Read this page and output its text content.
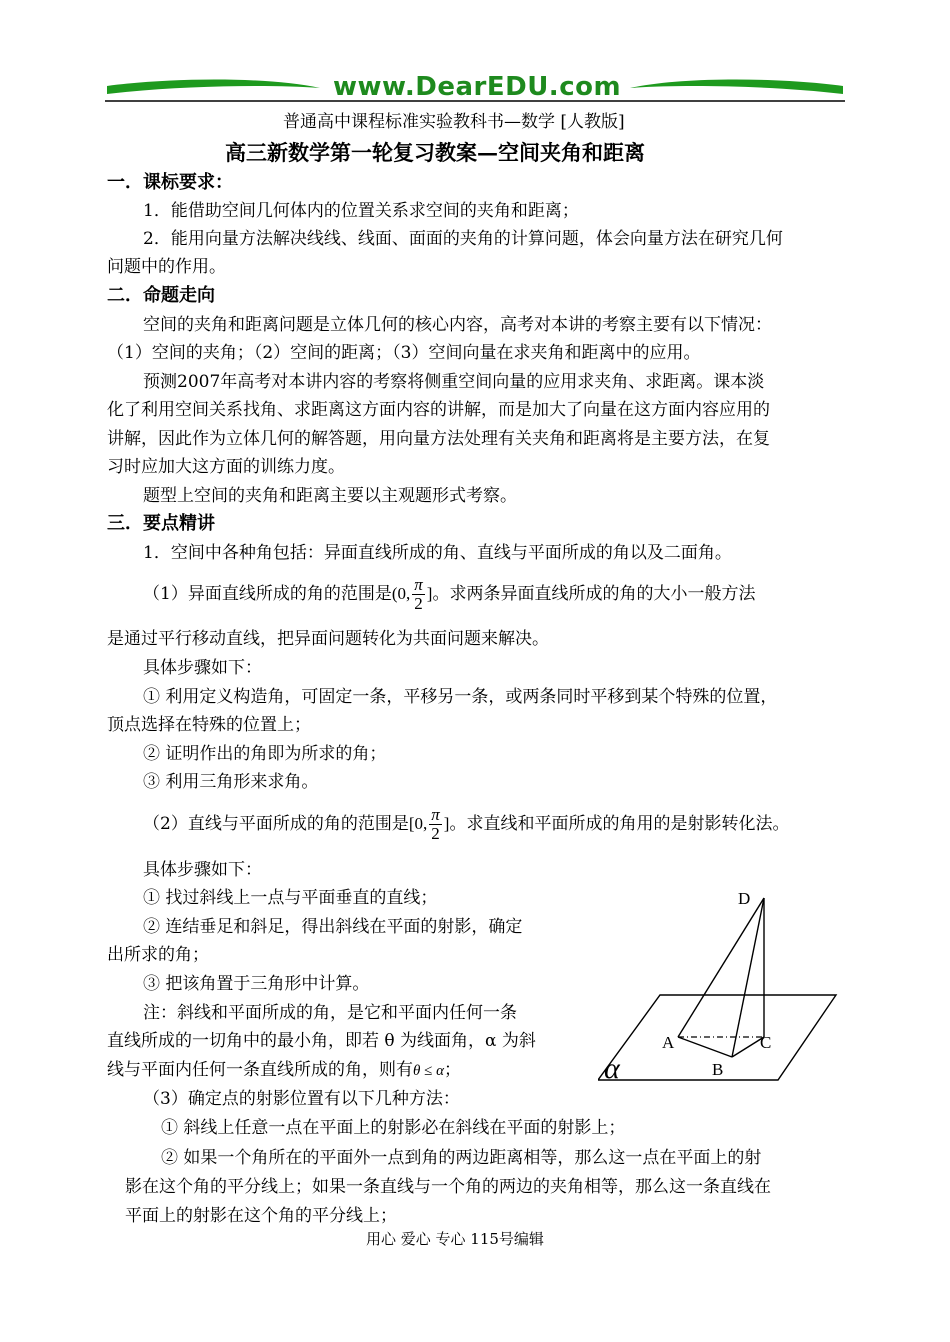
www.DearEDU.com
普通高中课程标准实验教科书—数学 [人教版]
高三新数学第一轮复习教案—空间夹角和距离
一．课标要求：
1．能借助空间几何体内的位置关系求空间的夹角和距离；
2．能用向量方法解决线线、线面、面面的夹角的计算问题，体会向量方法在研究几何
问题中的作用。
二．命题走向
空间的夹角和距离问题是立体几何的核心内容，高考对本讲的考察主要有以下情况：
（1）空间的夹角；（2）空间的距离；（3）空间向量在求夹角和距离中的应用。
预测2007年高考对本讲内容的考察将侧重空间向量的应用求夹角、求距离。课本淡
化了利用空间关系找角、求距离这方面内容的讲解，而是加大了向量在这方面内容应用的
讲解，因此作为立体几何的解答题，用向量方法处理有关夹角和距离将是主要方法，在复
习时应加大这方面的训练力度。
题型上空间的夹角和距离主要以主观题形式考察。
三．要点精讲
1．空间中各种角包括：异面直线所成的角、直线与平面所成的角以及二面角。
（1）异面直线所成的角的范围是(0, $\frac{\pi}{2}$ ]。求两条异面直线所成的角的大小一般方法
是通过平行移动直线，把异面问题转化为共面问题来解决。
具体步骤如下：
① 利用定义构造角，可固定一条，平移另一条，或两条同时平移到某个特殊的位置，
顶点选择在特殊的位置上；
② 证明作出的角即为所求的角；
③ 利用三角形来求角。
（2）直线与平面所成的角的范围是[0, $\frac{\pi}{2}$ ]。求直线和平面所成的角用的是射影转化法。
具体步骤如下：
① 找过斜线上一点与平面垂直的直线；
② 连结垂足和斜足，得出斜线在平面的射影，确定
出所求的角；
③ 把该角置于三角形中计算。
注：斜线和平面所成的角，是它和平面内任何一条
直线所成的一切角中的最小角，即若 θ 为线面角，α 为斜
线与平面内任何一条直线所成的角，则有θ ≤ α；
D
A	C
B
α
（3）确定点的射影位置有以下几种方法：
① 斜线上任意一点在平面上的射影必在斜线在平面的射影上；
② 如果一个角所在的平面外一点到角的两边距离相等，那么这一点在平面上的射
影在这个角的平分线上；如果一条直线与一个角的两边的夹角相等，那么这一条直线在
平面上的射影在这个角的平分线上；
用心 爱心 专心 115号编辑
